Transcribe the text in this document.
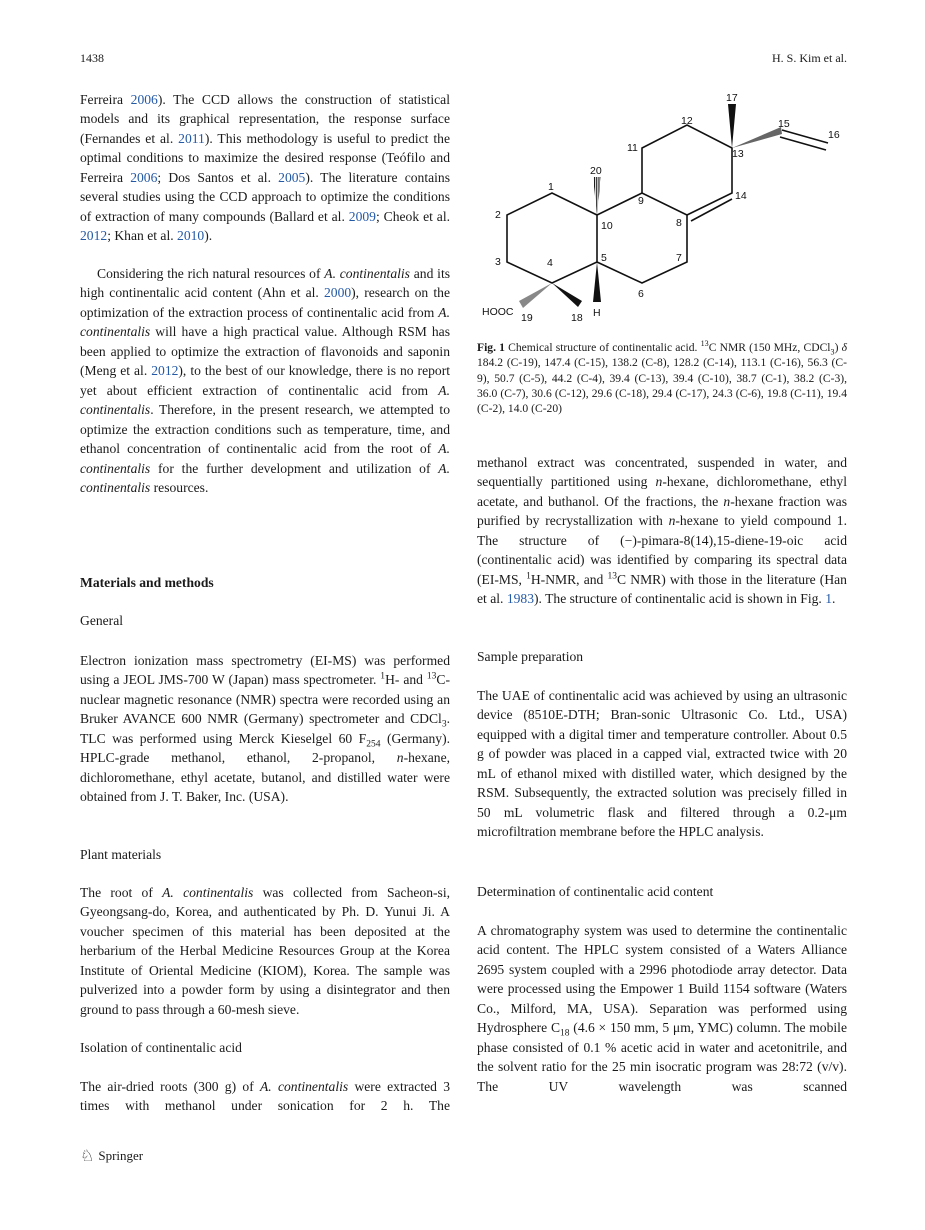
1438	H. S. Kim et al.
Ferreira 2006). The CCD allows the construction of statistical models and its graphical representation, the response surface (Fernandes et al. 2011). This methodology is useful to predict the optimal conditions to maximize the desired response (Teófilo and Ferreira 2006; Dos Santos et al. 2005). The literature contains several studies using the CCD approach to optimize the conditions of extraction of many compounds (Ballard et al. 2009; Cheok et al. 2012; Khan et al. 2010).
Considering the rich natural resources of A. continentalis and its high continentalic acid content (Ahn et al. 2000), research on the optimization of the extraction process of continentalic acid from A. continentalis will have a high practical value. Although RSM has been applied to optimize the extraction of flavonoids and saponin (Meng et al. 2012), to the best of our knowledge, there is no report yet about efficient extraction of continentalic acid from A. continentalis. Therefore, in the present research, we attempted to optimize the extraction conditions such as temperature, time, and ethanol concentration of continentalic acid from the root of A. continentalis for the further development and utilization of A. continentalis resources.
Materials and methods
General
Electron ionization mass spectrometry (EI-MS) was performed using a JEOL JMS-700 W (Japan) mass spectrometer. $^1$H- and $^{13}$C-nuclear magnetic resonance (NMR) spectra were recorded using an Bruker AVANCE 600 NMR (Germany) spectrometer and CDCl$_3$. TLC was performed using Merck Kieselgel 60 $F_{254}$ (Germany). HPLC-grade methanol, ethanol, 2-propanol, n-hexane, dichloromethane, ethyl acetate, butanol, and distilled water were obtained from J. T. Baker, Inc. (USA).
Plant materials
The root of A. continentalis was collected from Sacheon-si, Gyeongsang-do, Korea, and authenticated by Ph. D. Yunui Ji. A voucher specimen of this material has been deposited at the herbarium of the Herbal Medicine Resources Group at the Korea Institute of Oriental Medicine (KIOM), Korea. The sample was pulverized into a powder form by using a disintegrator and then ground to pass through a 60-mesh sieve.
Isolation of continentalic acid
The air-dried roots (300 g) of A. continentalis were extracted 3 times with methanol under sonication for 2 h. The
1
2
3	4	5
6
7
8
9
10
11
12
13
14
15
16
17
18
19
20
H
HOOC
Fig. 1 Chemical structure of continentalic acid. $^{13}$C NMR (150 MHz, CDCl$_3$) δ 184.2 (C-19), 147.4 (C-15), 138.2 (C-8), 128.2 (C-14), 113.1 (C-16), 56.3 (C-9), 50.7 (C-5), 44.2 (C-4), 39.4 (C-13), 39.4 (C-10), 38.7 (C-1), 38.2 (C-3), 36.0 (C-7), 30.6 (C-12), 29.6 (C-18), 29.4 (C-17), 24.3 (C-6), 19.8 (C-11), 19.4 (C-2), 14.0 (C-20)
methanol extract was concentrated, suspended in water, and sequentially partitioned using n-hexane, dichloromethane, ethyl acetate, and buthanol. Of the fractions, the n-hexane fraction was purified by recrystallization with n-hexane to yield compound 1. The structure of (−)-pimara-8(14),15-diene-19-oic acid (continentalic acid) was identified by comparing its spectral data (EI-MS, $^1$H-NMR, and $^{13}$C NMR) with those in the literature (Han et al. 1983). The structure of continentalic acid is shown in Fig. 1.
Sample preparation
The UAE of continentalic acid was achieved by using an ultrasonic device (8510E-DTH; Bran-sonic Ultrasonic Co. Ltd., USA) equipped with a digital timer and temperature controller. About 0.5 g of powder was placed in a capped vial, extracted twice with 20 mL of ethanol mixed with distilled water, which designed by the RSM. Subsequently, the extracted solution was precisely filled in 50 mL volumetric flask and filtered through a 0.2-μm microfiltration membrane before the HPLC analysis.
Determination of continentalic acid content
A chromatography system was used to determine the continentalic acid content. The HPLC system consisted of a Waters Alliance 2695 system coupled with a 2996 photodiode array detector. Data were processed using the Empower 1 Build 1154 software (Waters Co., Milford, MA, USA). Separation was performed using Hydrosphere $C_{18}$ (4.6 × 150 mm, 5 μm, YMC) column. The mobile phase consisted of 0.1 % acetic acid in water and acetonitrile, and the solvent ratio for the 25 min isocratic program was 28:72 (v/v). The UV wavelength was scanned
♘ Springer
